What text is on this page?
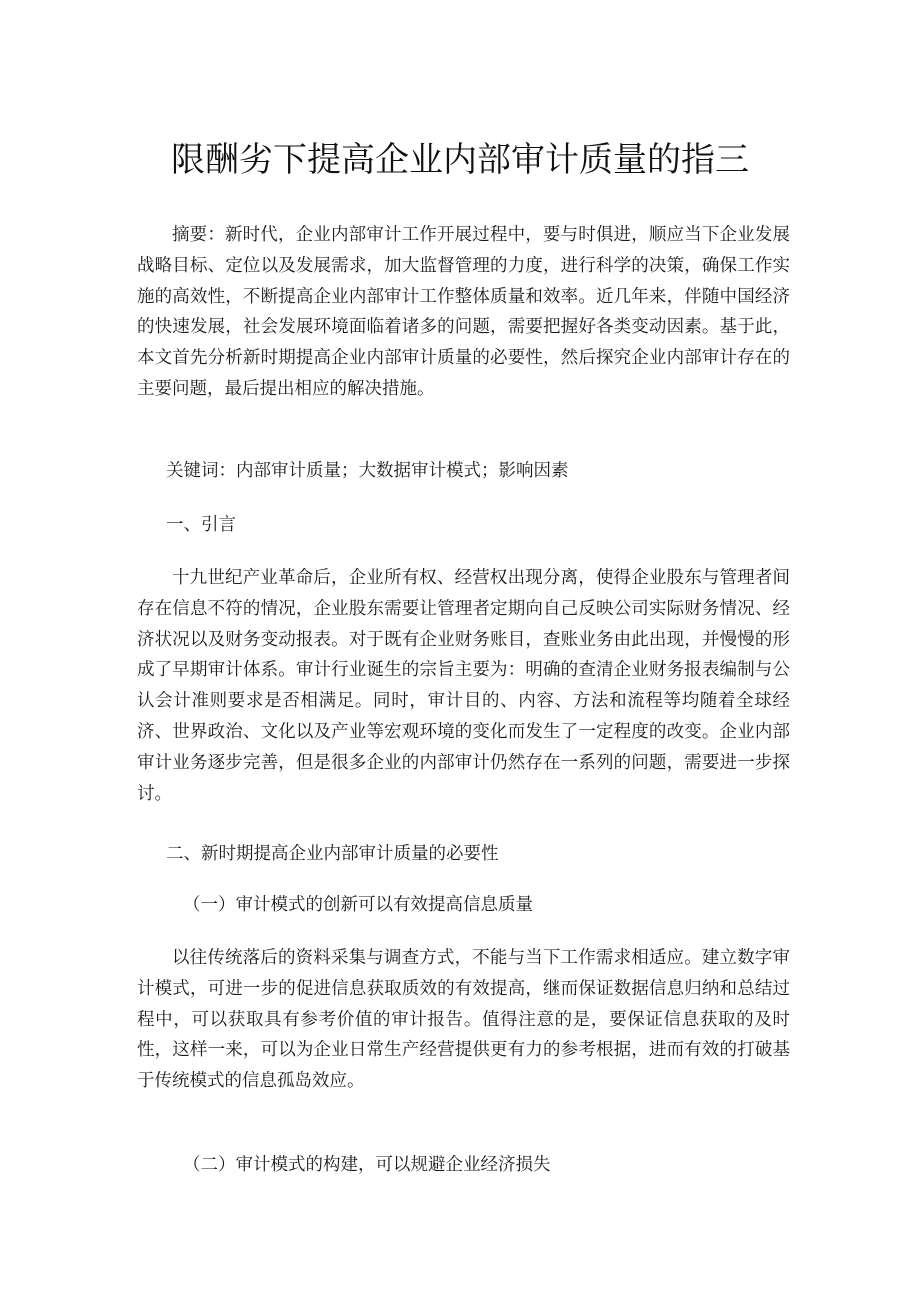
限酬劣下提高企业内部审计质量的指三

摘要：新时代，企业内部审计工作开展过程中，要与时俱进，顺应当下企业发展战略目标、定位以及发展需求，加大监督管理的力度，进行科学的决策，确保工作实施的高效性，不断提高企业内部审计工作整体质量和效率。近几年来，伴随中国经济的快速发展，社会发展环境面临着诸多的问题，需要把握好各类变动因素。基于此，本文首先分析新时期提高企业内部审计质量的必要性，然后探究企业内部审计存在的主要问题，最后提出相应的解决措施。

关键词：内部审计质量；大数据审计模式；影响因素

一、引言

十九世纪产业革命后，企业所有权、经营权出现分离，使得企业股东与管理者间存在信息不符的情况，企业股东需要让管理者定期向自己反映公司实际财务情况、经济状况以及财务变动报表。对于既有企业财务账目，查账业务由此出现，并慢慢的形成了早期审计体系。审计行业诞生的宗旨主要为：明确的查清企业财务报表编制与公认会计准则要求是否相满足。同时，审计目的、内容、方法和流程等均随着全球经济、世界政治、文化以及产业等宏观环境的变化而发生了一定程度的改变。企业内部审计业务逐步完善，但是很多企业的内部审计仍然存在一系列的问题，需要进一步探讨。

二、新时期提高企业内部审计质量的必要性

（一）审计模式的创新可以有效提高信息质量

以往传统落后的资料采集与调查方式，不能与当下工作需求相适应。建立数字审计模式，可进一步的促进信息获取质效的有效提高，继而保证数据信息归纳和总结过程中，可以获取具有参考价值的审计报告。值得注意的是，要保证信息获取的及时性，这样一来，可以为企业日常生产经营提供更有力的参考根据，进而有效的打破基于传统模式的信息孤岛效应。

（二）审计模式的构建，可以规避企业经济损失
